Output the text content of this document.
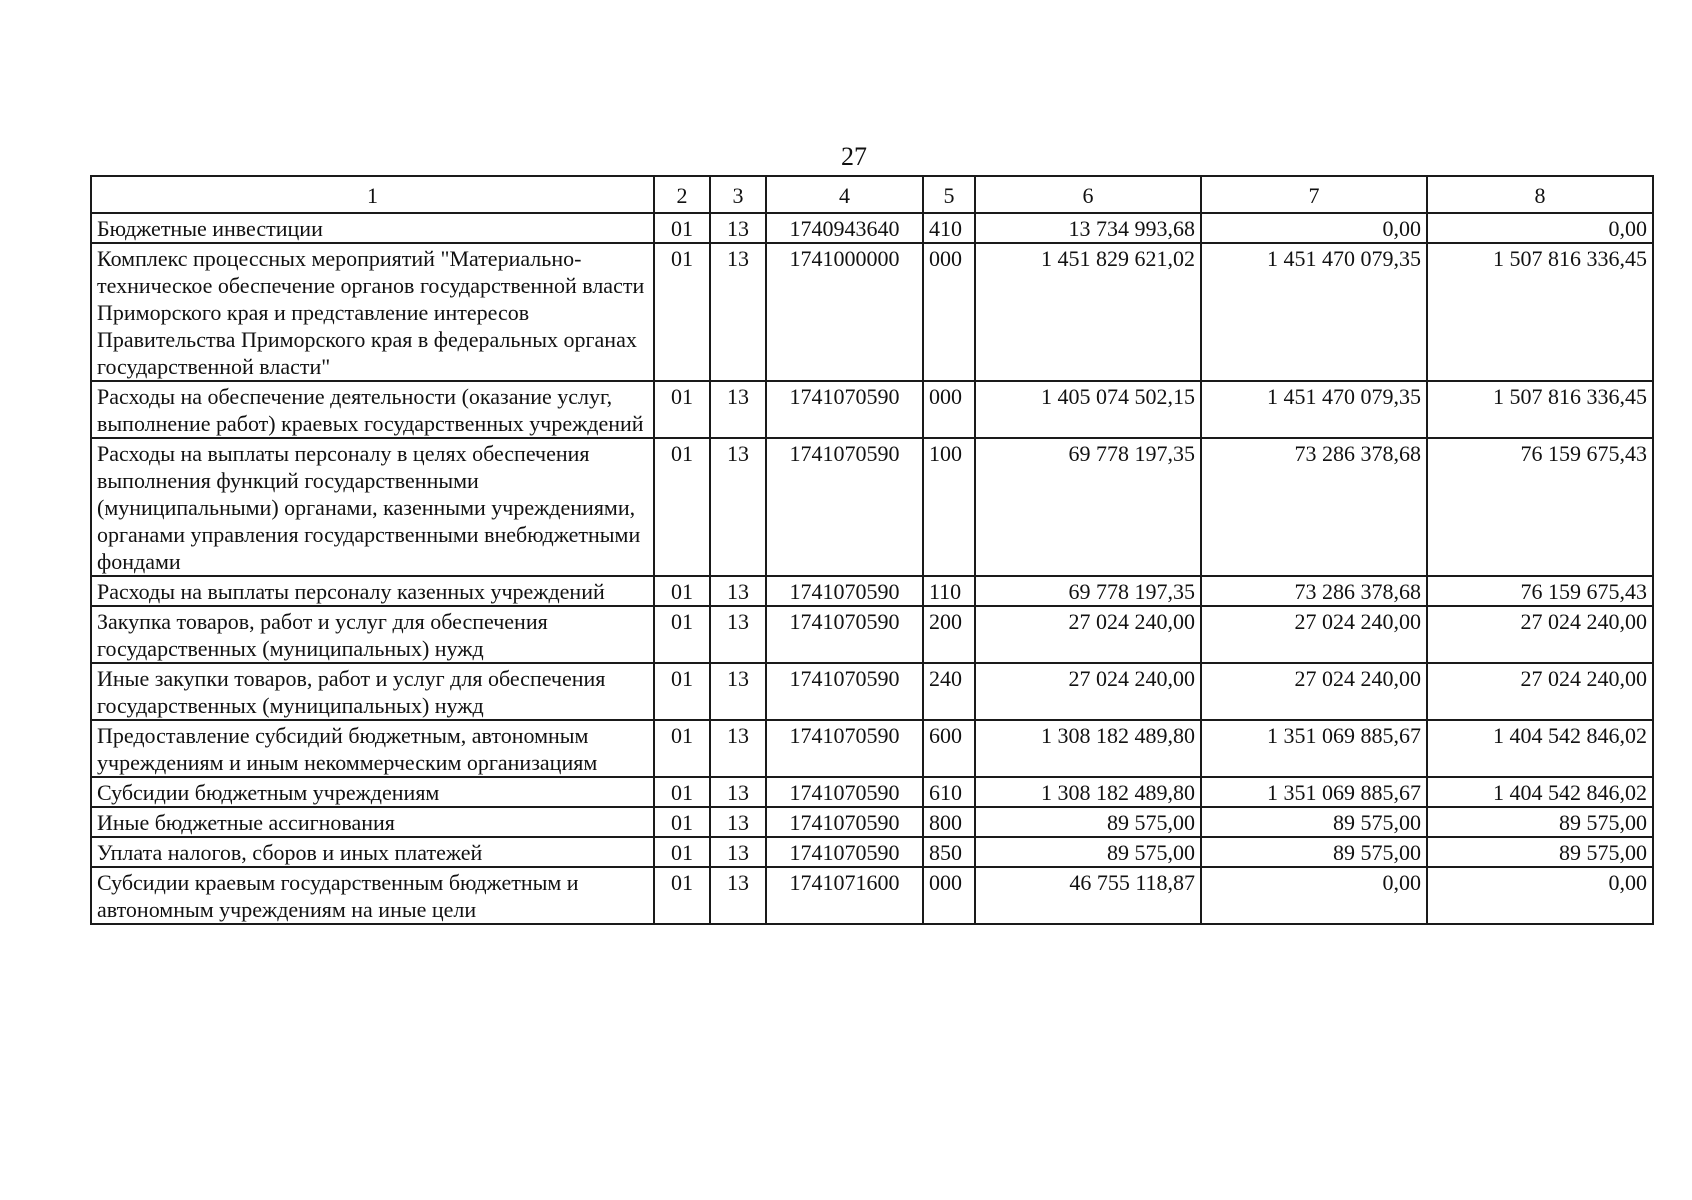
27
1	2	3	4	5	6	7	8
Бюджетные инвестиции	01	13	1740943640	410	13 734 993,68	0,00	0,00
Комплекс процессных мероприятий "Материально-техническое обеспечение органов государственной власти Приморского края и представление интересов Правительства Приморского края в федеральных органах государственной власти"	01	13	1741000000	000	1 451 829 621,02	1 451 470 079,35	1 507 816 336,45
Расходы на обеспечение деятельности (оказание услуг, выполнение работ) краевых государственных учреждений	01	13	1741070590	000	1 405 074 502,15	1 451 470 079,35	1 507 816 336,45
Расходы на выплаты персоналу в целях обеспечения выполнения функций государственными (муниципальными) органами, казенными учреждениями, органами управления государственными внебюджетными фондами	01	13	1741070590	100	69 778 197,35	73 286 378,68	76 159 675,43
Расходы на выплаты персоналу казенных учреждений	01	13	1741070590	110	69 778 197,35	73 286 378,68	76 159 675,43
Закупка товаров, работ и услуг для обеспечения государственных (муниципальных) нужд	01	13	1741070590	200	27 024 240,00	27 024 240,00	27 024 240,00
Иные закупки товаров, работ и услуг для обеспечения государственных (муниципальных) нужд	01	13	1741070590	240	27 024 240,00	27 024 240,00	27 024 240,00
Предоставление субсидий бюджетным, автономным учреждениям и иным некоммерческим организациям	01	13	1741070590	600	1 308 182 489,80	1 351 069 885,67	1 404 542 846,02
Субсидии бюджетным учреждениям	01	13	1741070590	610	1 308 182 489,80	1 351 069 885,67	1 404 542 846,02
Иные бюджетные ассигнования	01	13	1741070590	800	89 575,00	89 575,00	89 575,00
Уплата налогов, сборов и иных платежей	01	13	1741070590	850	89 575,00	89 575,00	89 575,00
Субсидии краевым государственным бюджетным и автономным учреждениям на иные цели	01	13	1741071600	000	46 755 118,87	0,00	0,00
